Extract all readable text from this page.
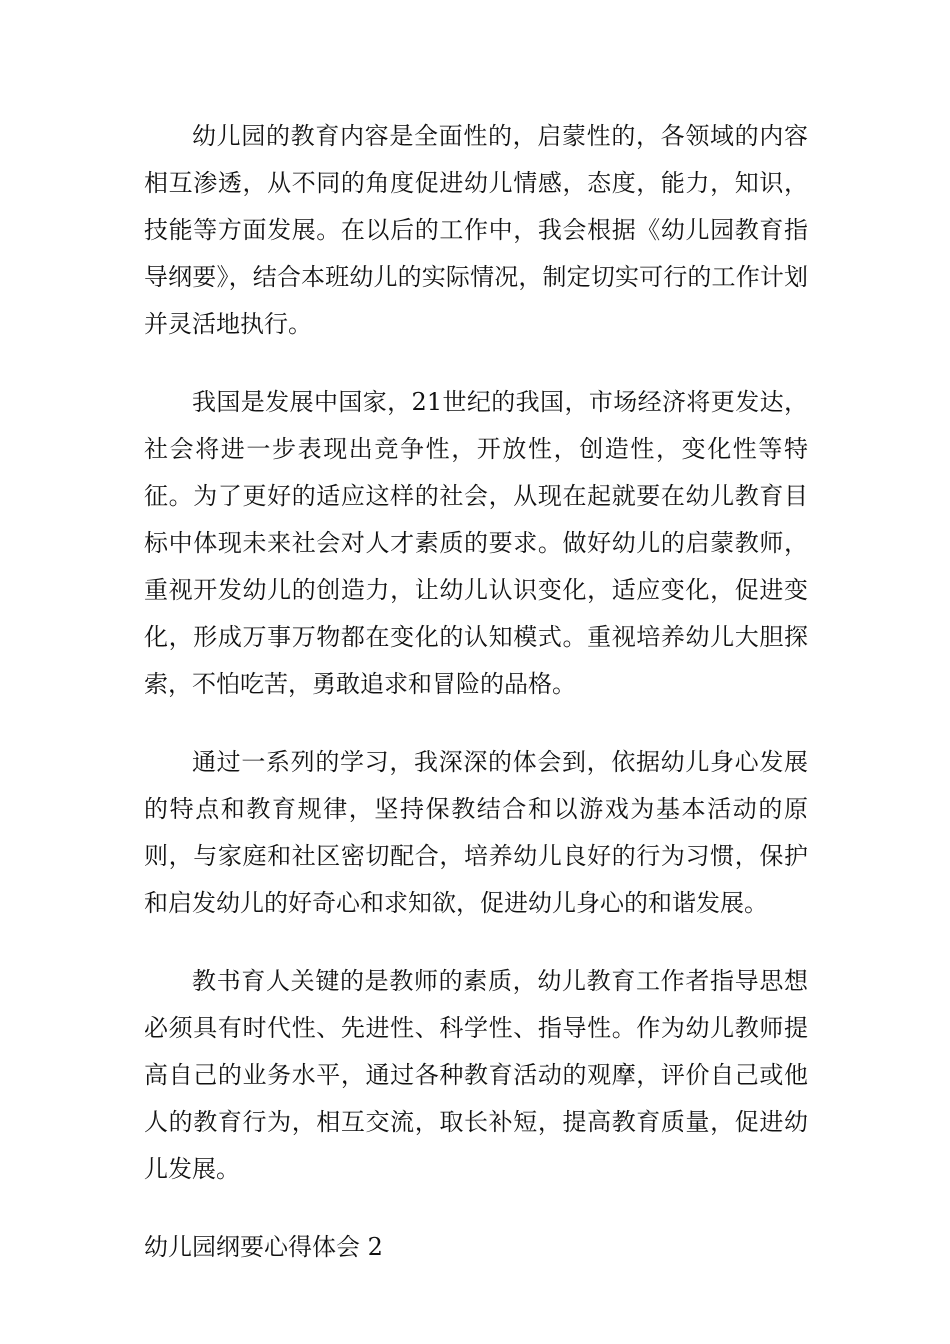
幼儿园的教育内容是全面性的，启蒙性的，各领域的内容相互渗透，从不同的角度促进幼儿情感，态度，能力，知识，技能等方面发展。在以后的工作中，我会根据《幼儿园教育指导纲要》，结合本班幼儿的实际情况，制定切实可行的工作计划并灵活地执行。

我国是发展中国家，21世纪的我国，市场经济将更发达，社会将进一步表现出竞争性，开放性，创造性，变化性等特征。为了更好的适应这样的社会，从现在起就要在幼儿教育目标中体现未来社会对人才素质的要求。做好幼儿的启蒙教师，重视开发幼儿的创造力，让幼儿认识变化，适应变化，促进变化，形成万事万物都在变化的认知模式。重视培养幼儿大胆探索，不怕吃苦，勇敢追求和冒险的品格。

通过一系列的学习，我深深的体会到，依据幼儿身心发展的特点和教育规律，坚持保教结合和以游戏为基本活动的原则，与家庭和社区密切配合，培养幼儿良好的行为习惯，保护和启发幼儿的好奇心和求知欲，促进幼儿身心的和谐发展。

教书育人关键的是教师的素质，幼儿教育工作者指导思想必须具有时代性、先进性、科学性、指导性。作为幼儿教师提高自己的业务水平，通过各种教育活动的观摩，评价自己或他人的教育行为，相互交流，取长补短，提高教育质量，促进幼儿发展。

幼儿园纲要心得体会 2
